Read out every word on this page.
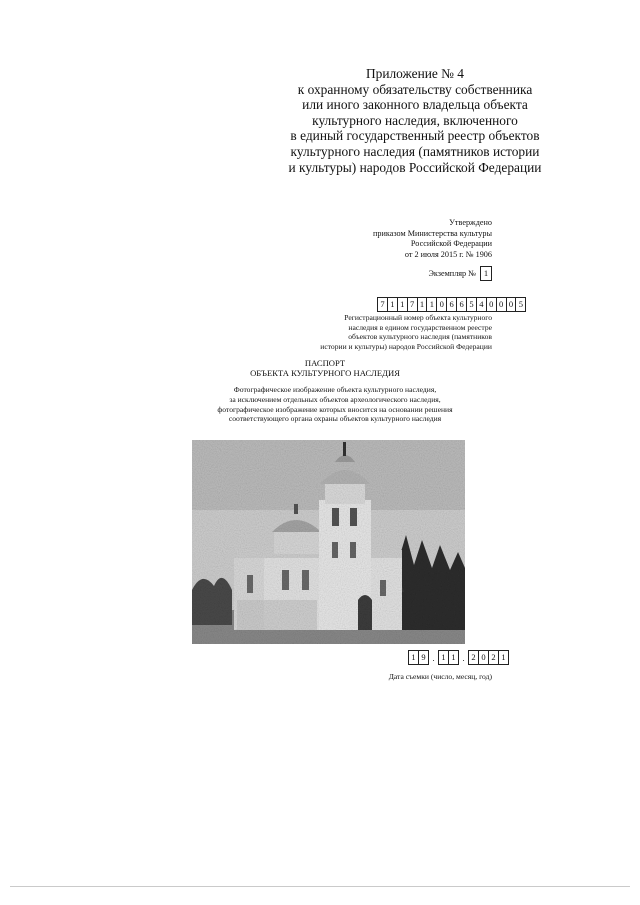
Приложение № 4
к охранному обязательству собственника
или иного законного владельца объекта
культурного наследия, включенного
в единый государственный реестр объектов
культурного наследия (памятников истории
и культуры) народов Российской Федерации
Утверждено
приказом Министерства культуры
Российской Федерации
от 2 июля 2015 г. № 1906
Экземпляр № 1
7 1 1 7 1 1 0 6 6 5 4 0 0 0 5
Регистрационный номер объекта культурного
наследия в едином государственном реестре
объектов культурного наследия (памятников
истории и культуры) народов Российской Федерации
ПАСПОРТ
ОБЪЕКТА КУЛЬТУРНОГО НАСЛЕДИЯ
Фотографическое изображение объекта культурного наследия,
за исключением отдельных объектов археологического наследия,
фотографическое изображение которых вносится на основании решения
соответствующего органа охраны объектов культурного наследия
1 9 . 1 1 . 2 0 2 1
Дата съемки (число, месяц, год)
